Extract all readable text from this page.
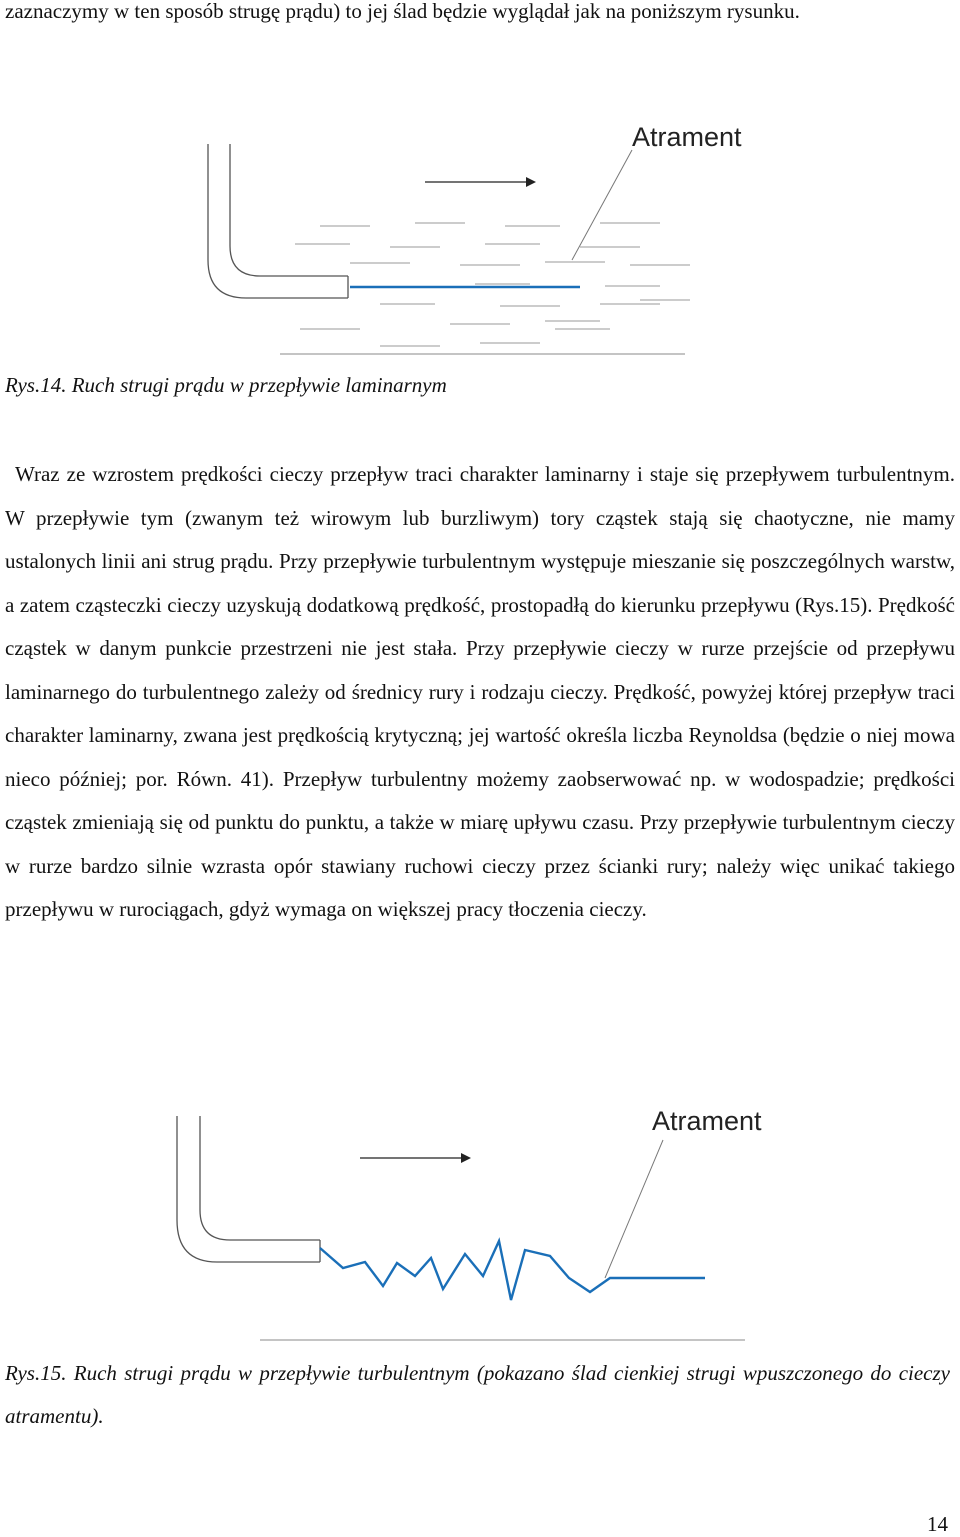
zaznaczymy w ten sposób strugę prądu) to jej ślad będzie wyglądał jak na poniższym rysunku.
Atrament
Rys.14. Ruch strugi prądu w przepływie laminarnym
Wraz ze wzrostem prędkości cieczy przepływ traci charakter laminarny i staje się przepływem turbulentnym. W przepływie tym (zwanym też wirowym lub burzliwym) tory cząstek stają się chaotyczne, nie mamy ustalonych linii ani strug prądu. Przy przepływie turbulentnym występuje mieszanie się poszczególnych warstw, a zatem cząsteczki cieczy uzyskują dodatkową prędkość, prostopadłą do kierunku przepływu (Rys.15). Prędkość cząstek w danym punkcie przestrzeni nie jest stała. Przy przepływie cieczy w rurze przejście od przepływu laminarnego do turbulentnego zależy od średnicy rury i rodzaju cieczy. Prędkość, powyżej której przepływ traci charakter laminarny, zwana jest prędkością krytyczną; jej wartość określa liczba Reynoldsa (będzie o niej mowa nieco później; por. Równ. 41). Przepływ turbulentny możemy zaobserwować np. w wodospadzie; prędkości cząstek zmieniają się od punktu do punktu, a także w miarę upływu czasu. Przy przepływie turbulentnym cieczy w rurze bardzo silnie wzrasta opór stawiany ruchowi cieczy przez ścianki rury; należy więc unikać takiego przepływu w rurociągach, gdyż wymaga on większej pracy tłoczenia cieczy.
Atrament
Rys.15. Ruch strugi prądu w przepływie turbulentnym (pokazano ślad cienkiej strugi wpuszczonego do cieczy atramentu).
14
